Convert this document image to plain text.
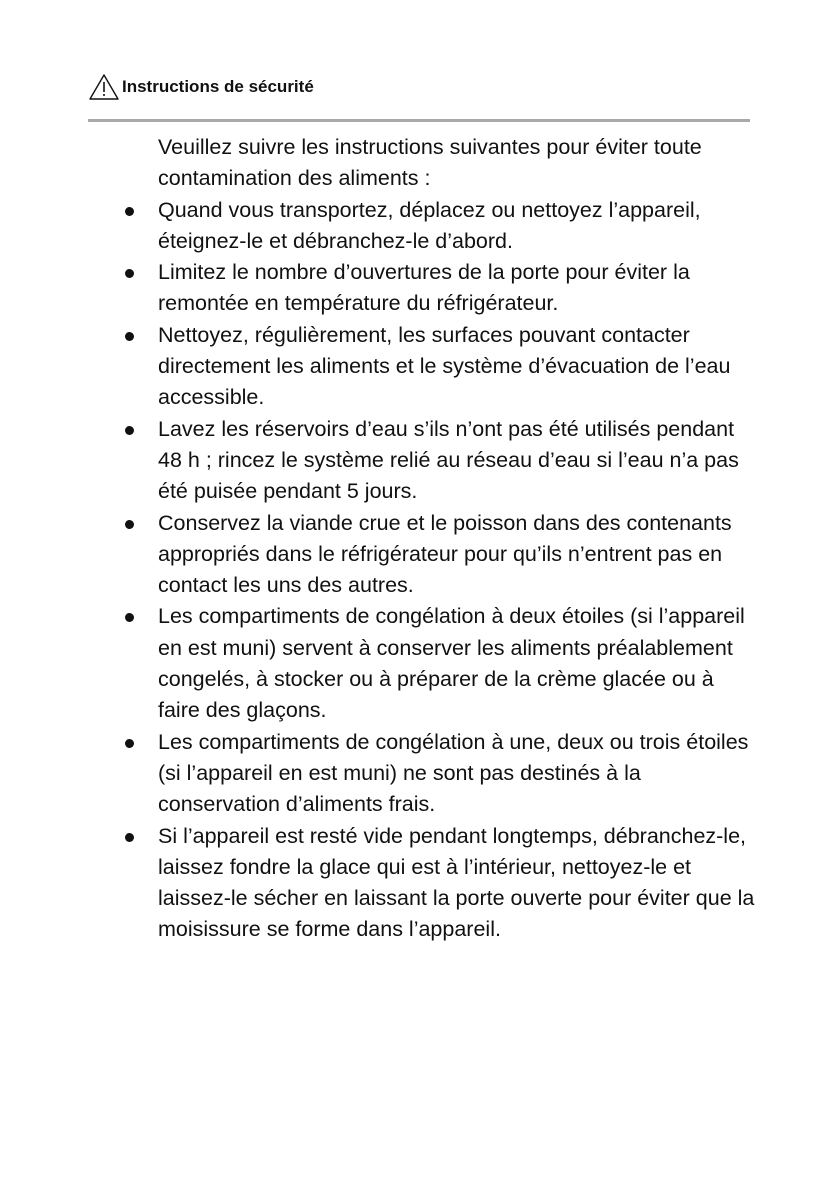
Instructions de sécurité

Veuillez suivre les instructions suivantes pour éviter toute contamination des aliments :

Quand vous transportez, déplacez ou nettoyez l’appareil, éteignez-le et débranchez-le d’abord.
Limitez le nombre d’ouvertures de la porte pour éviter la remontée en température du réfrigérateur.
Nettoyez, régulièrement, les surfaces pouvant contacter directement les aliments et le système d’évacuation de l’eau accessible.
Lavez les réservoirs d’eau s’ils n’ont pas été utilisés pendant 48 h ; rincez le système relié au réseau d’eau si l’eau n’a pas été puisée pendant 5 jours.
Conservez la viande crue et le poisson dans des contenants appropriés dans le réfrigérateur pour qu’ils n’entrent pas en contact les uns des autres.
Les compartiments de congélation à deux étoiles (si l’appareil en est muni) servent à conserver les aliments préalablement congelés, à stocker ou à préparer de la crème glacée ou à faire des glaçons.
Les compartiments de congélation à une, deux ou trois étoiles (si l’appareil en est muni) ne sont pas destinés à la conservation d’aliments frais.
Si l’appareil est resté vide pendant longtemps, débranchez-le, laissez fondre la glace qui est à l’intérieur, nettoyez-le et laissez-le sécher en laissant la porte ouverte pour éviter que la moisissure se forme dans l’appareil.
